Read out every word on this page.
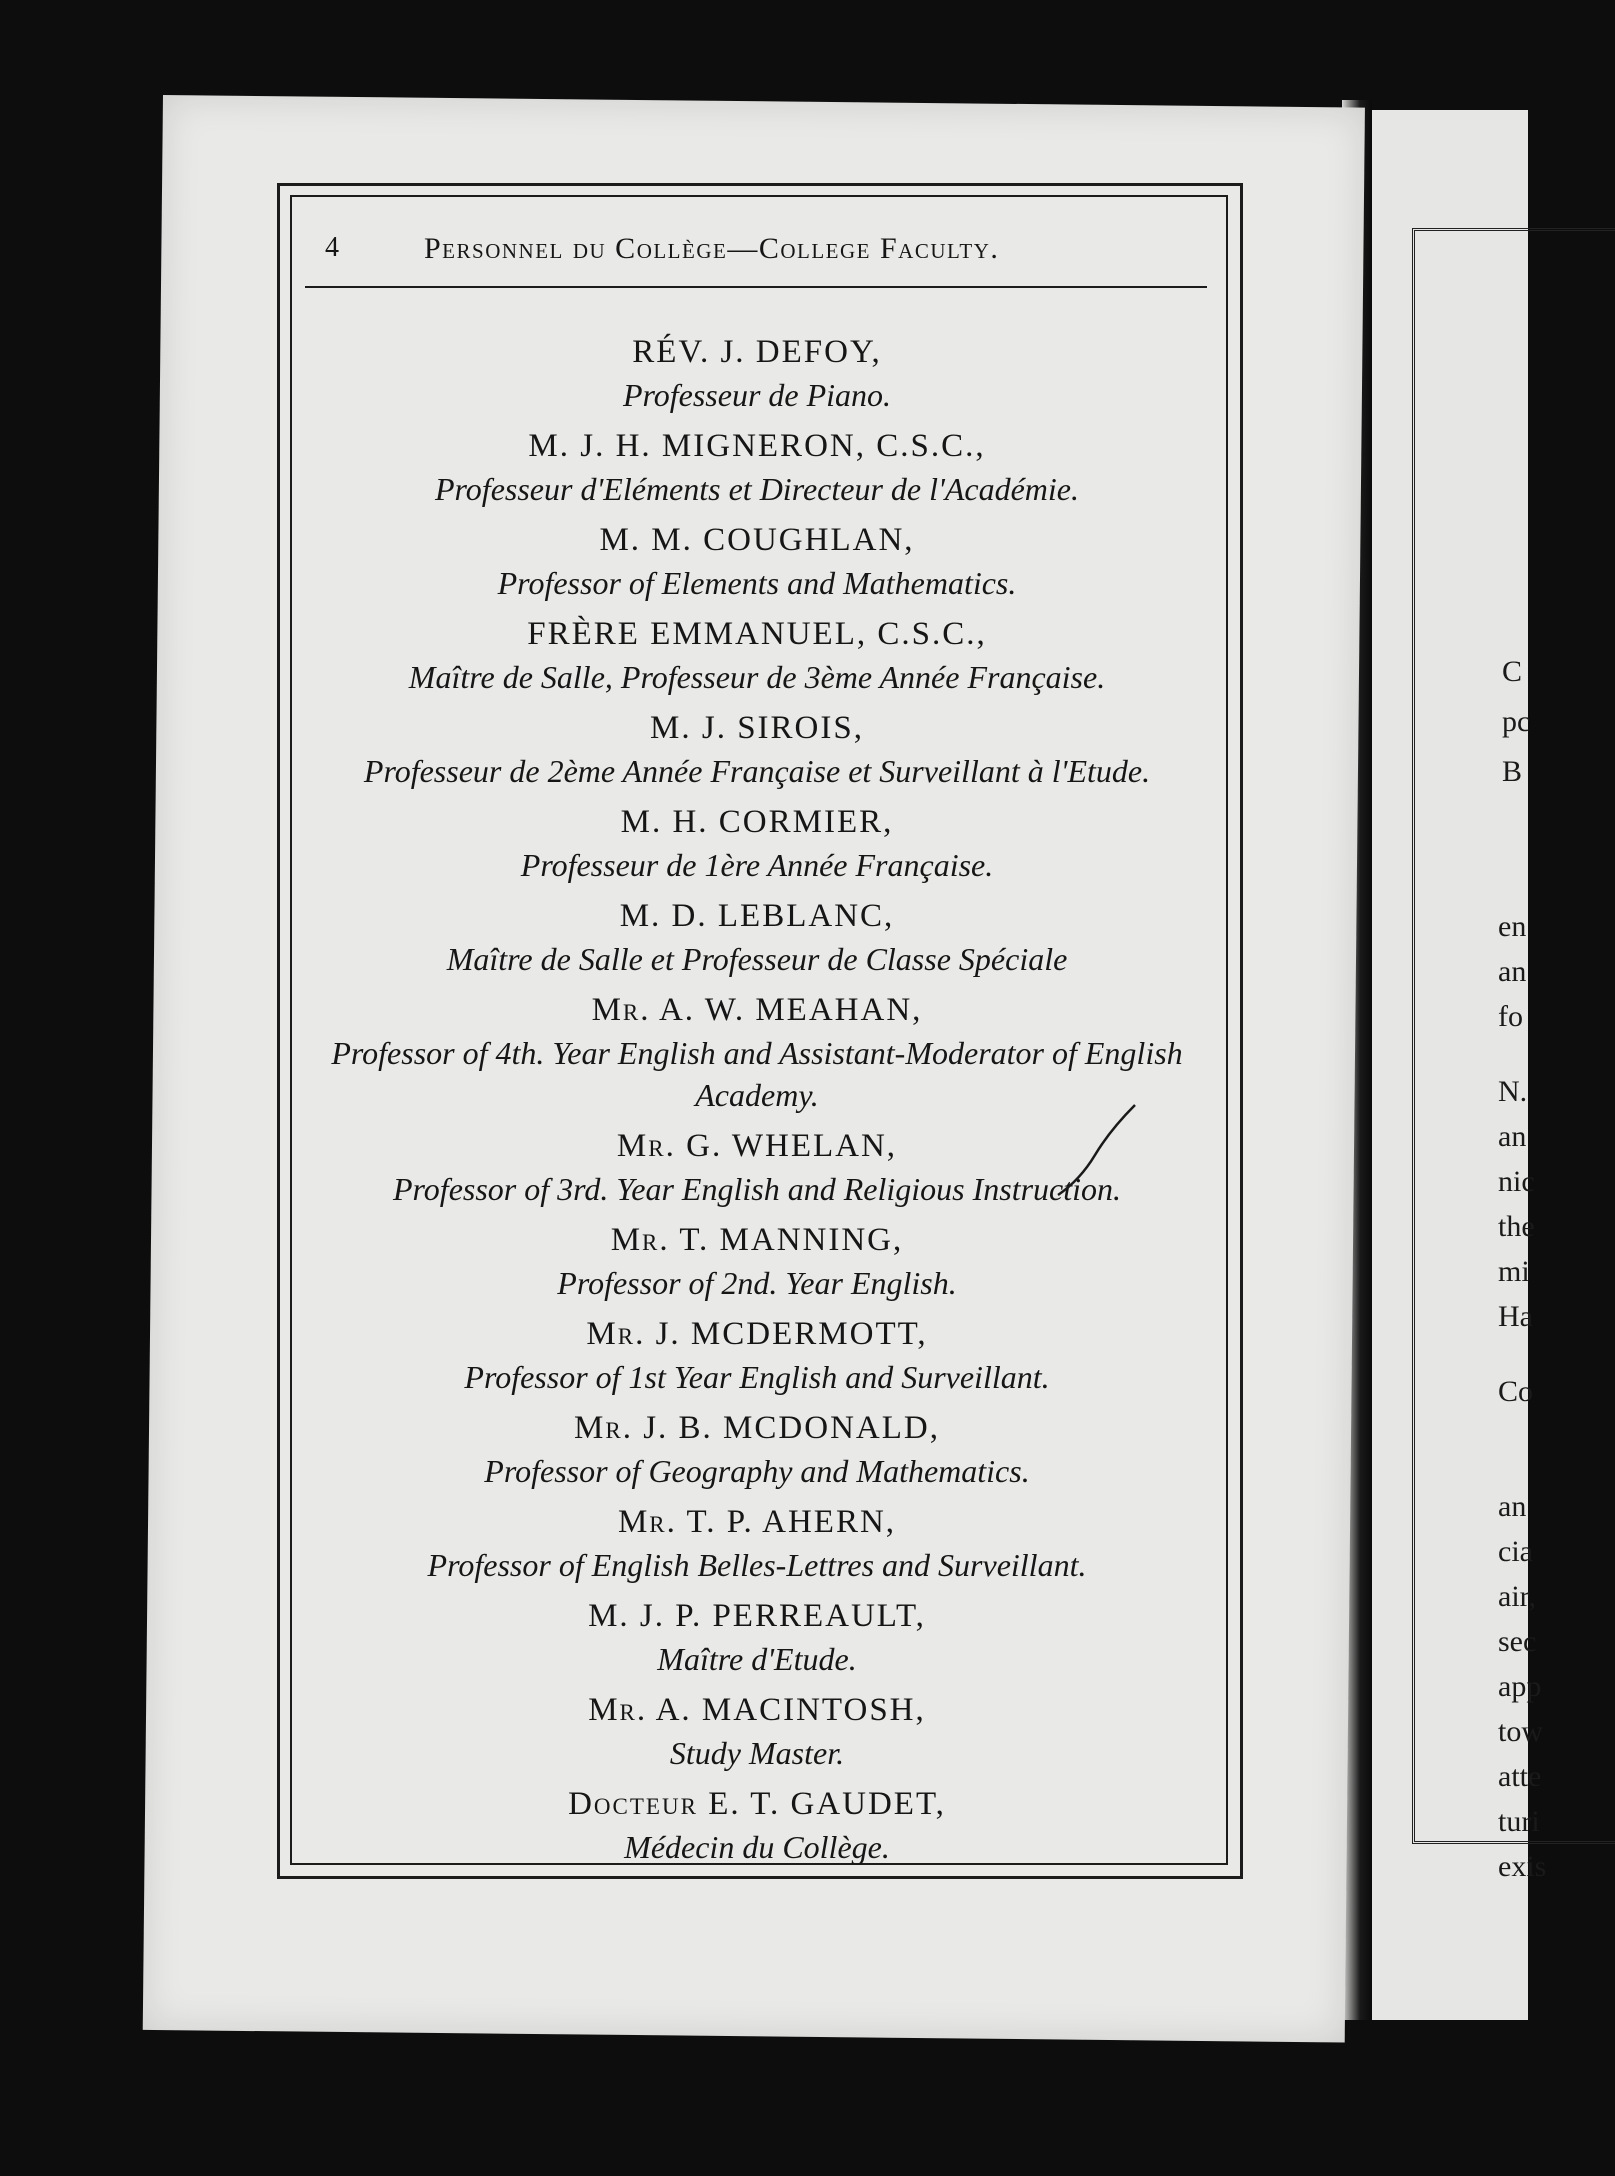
C
pc
B
en
an
fo
N.
an
nic
the
mi
Ha
Co
an
cia
air,
sec
app
tow
atte
turi
exis
4	Personnel du Collège—College Faculty.
RÉV. J. DEFOY,
Professeur de Piano.
M. J. H. MIGNERON, C.S.C.,
Professeur d'Eléments et Directeur de l'Académie.
M. M. COUGHLAN,
Professor of Elements and Mathematics.
FRÈRE EMMANUEL, C.S.C.,
Maître de Salle, Professeur de 3ème Année Française.
M. J. SIROIS,
Professeur de 2ème Année Française et Surveillant à l'Etude.
M. H. CORMIER,
Professeur de 1ère Année Française.
M. D. LEBLANC,
Maître de Salle et Professeur de Classe Spéciale
Mr. A. W. MEAHAN,
Professor of 4th. Year English and Assistant-Moderator of English Academy.
Mr. G. WHELAN,
Professor of 3rd. Year English and Religious Instruction.
Mr. T. MANNING,
Professor of 2nd. Year English.
Mr. J. MCDERMOTT,
Professor of 1st Year English and Surveillant.
Mr. J. B. MCDONALD,
Professor of Geography and Mathematics.
Mr. T. P. AHERN,
Professor of English Belles-Lettres and Surveillant.
M. J. P. PERREAULT,
Maître d'Etude.
Mr. A. MACINTOSH,
Study Master.
Docteur E. T. GAUDET,
Médecin du Collège.
